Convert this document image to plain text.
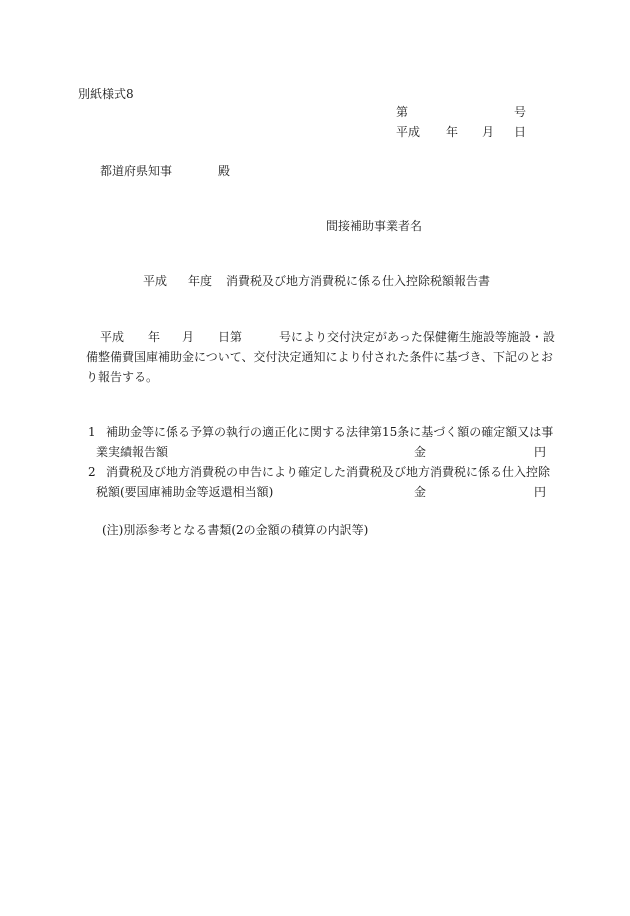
別紙様式8
第	号
平成 年 月 日
都道府県知事	殿
間接補助事業者名
平成 年度 消費税及び地方消費税に係る仕入控除税額報告書
平成 年 月 日第	号により交付決定があった保健衛生施設等施設・設
備整備費国庫補助金について、交付決定通知により付された条件に基づき、下記のとお
り報告する。
1 補助金等に係る予算の執行の適正化に関する法律第15条に基づく額の確定額又は事
業実績報告額	金	円
2 消費税及び地方消費税の申告により確定した消費税及び地方消費税に係る仕入控除
税額(要国庫補助金等返還相当額)	金	円
(注)別添参考となる書類(2の金額の積算の内訳等)
